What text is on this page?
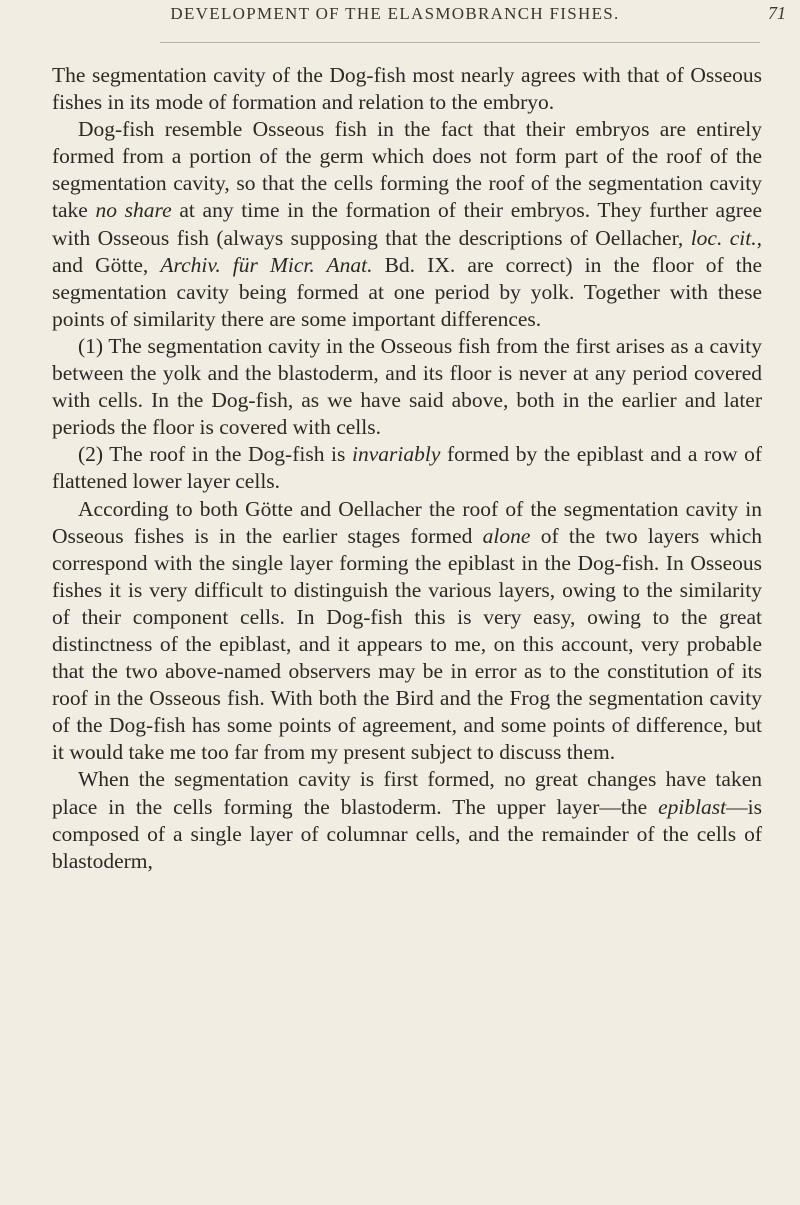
DEVELOPMENT OF THE ELASMOBRANCH FISHES.	71

The segmentation cavity of the Dog-fish most nearly agrees with that of Osseous fishes in its mode of formation and relation to the embryo.

Dog-fish resemble Osseous fish in the fact that their embryos are entirely formed from a portion of the germ which does not form part of the roof of the segmentation cavity, so that the cells forming the roof of the segmentation cavity take no share at any time in the formation of their embryos. They further agree with Osseous fish (always supposing that the descriptions of Oellacher, loc. cit., and Götte, Archiv. für Micr. Anat. Bd. IX. are correct) in the floor of the segmentation cavity being formed at one period by yolk. Together with these points of similarity there are some important differences.

(1) The segmentation cavity in the Osseous fish from the first arises as a cavity between the yolk and the blastoderm, and its floor is never at any period covered with cells. In the Dog-fish, as we have said above, both in the earlier and later periods the floor is covered with cells.

(2) The roof in the Dog-fish is invariably formed by the epiblast and a row of flattened lower layer cells.

According to both Götte and Oellacher the roof of the segmentation cavity in Osseous fishes is in the earlier stages formed alone of the two layers which correspond with the single layer forming the epiblast in the Dog-fish. In Osseous fishes it is very difficult to distinguish the various layers, owing to the similarity of their component cells. In Dog-fish this is very easy, owing to the great distinctness of the epiblast, and it appears to me, on this account, very probable that the two above-named observers may be in error as to the constitution of its roof in the Osseous fish. With both the Bird and the Frog the segmentation cavity of the Dog-fish has some points of agreement, and some points of difference, but it would take me too far from my present subject to discuss them.

When the segmentation cavity is first formed, no great changes have taken place in the cells forming the blastoderm. The upper layer—the epiblast—is composed of a single layer of columnar cells, and the remainder of the cells of blastoderm,
